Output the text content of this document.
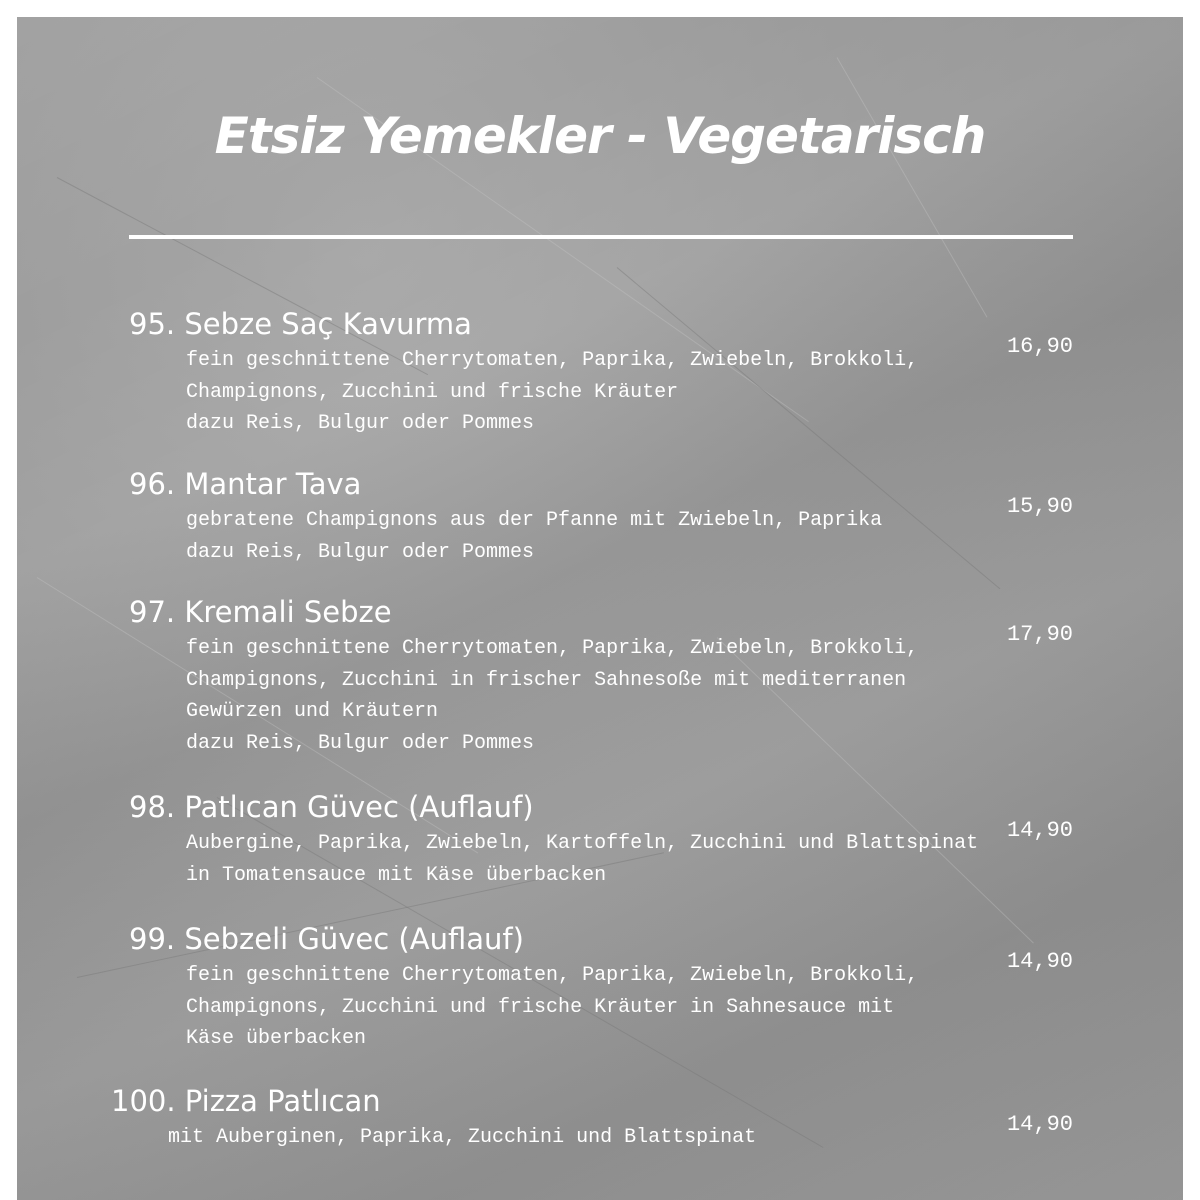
Etsiz Yemekler - Vegetarisch
95. Sebze Saç Kavurma
fein geschnittene Cherrytomaten, Paprika, Zwiebeln, Brokkoli,
Champignons, Zucchini und frische Kräuter
dazu Reis, Bulgur oder Pommes
16,90
96. Mantar Tava
gebratene Champignons aus der Pfanne mit Zwiebeln, Paprika
dazu Reis, Bulgur oder Pommes
15,90
97. Kremali Sebze
fein geschnittene Cherrytomaten, Paprika, Zwiebeln, Brokkoli,
Champignons, Zucchini in frischer Sahnesoße mit mediterranen
Gewürzen und Kräutern
dazu Reis, Bulgur oder Pommes
17,90
98. Patlıcan Güvec (Auflauf)
Aubergine, Paprika, Zwiebeln, Kartoffeln, Zucchini und Blattspinat
in Tomatensauce mit Käse überbacken
14,90
99. Sebzeli Güvec (Auflauf)
fein geschnittene Cherrytomaten, Paprika, Zwiebeln, Brokkoli,
Champignons, Zucchini und frische Kräuter in Sahnesauce mit
Käse überbacken
14,90
100. Pizza Patlıcan
mit Auberginen, Paprika, Zucchini und Blattspinat
14,90
